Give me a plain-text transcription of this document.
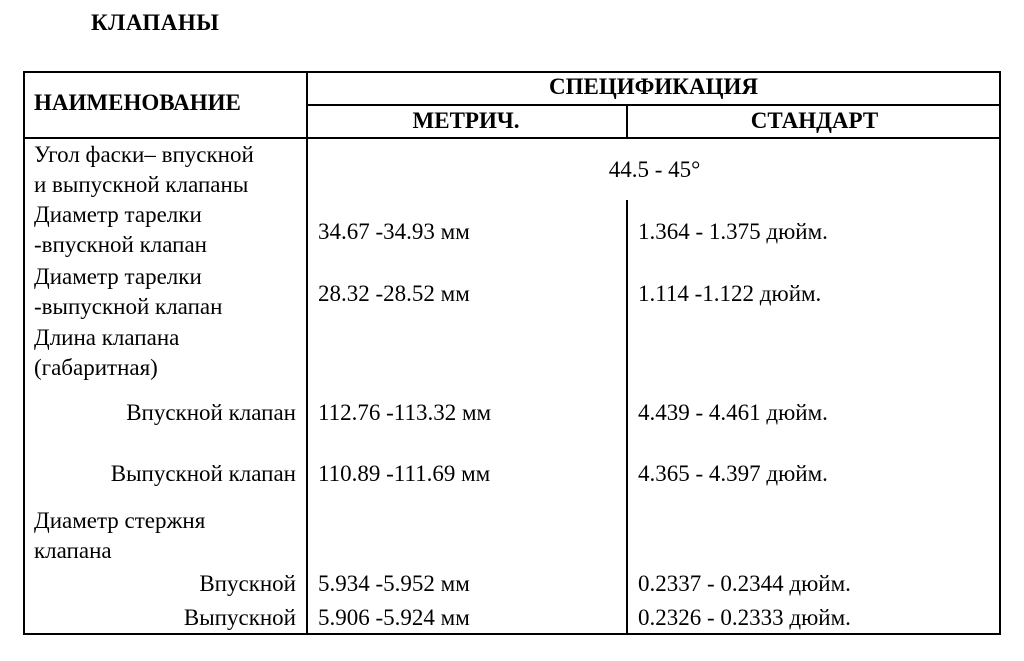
КЛАПАНЫ
НАИМЕНОВАНИЕ
СПЕЦИФИКАЦИЯ
МЕТРИЧ.	СТАНДАРТ
Угол фаски– впускной
и выпускной клапаны
44.5 - 45°
Диаметр тарелки
-впускной клапан
34.67 -34.93 мм	1.364 - 1.375 дюйм.
Диаметр тарелки
-выпускной клапан
28.32 -28.52 мм	1.114 -1.122 дюйм.
Длина клапана
(габаритная)
Впускной клапан 112.76 -113.32 мм	4.439 - 4.461 дюйм.
Выпускной клапан 110.89 -111.69 мм	4.365 - 4.397 дюйм.
Диаметр стержня
клапана
Впускной 5.934 -5.952 мм	0.2337 - 0.2344 дюйм.
Выпускной 5.906 -5.924 мм	0.2326 - 0.2333 дюйм.
